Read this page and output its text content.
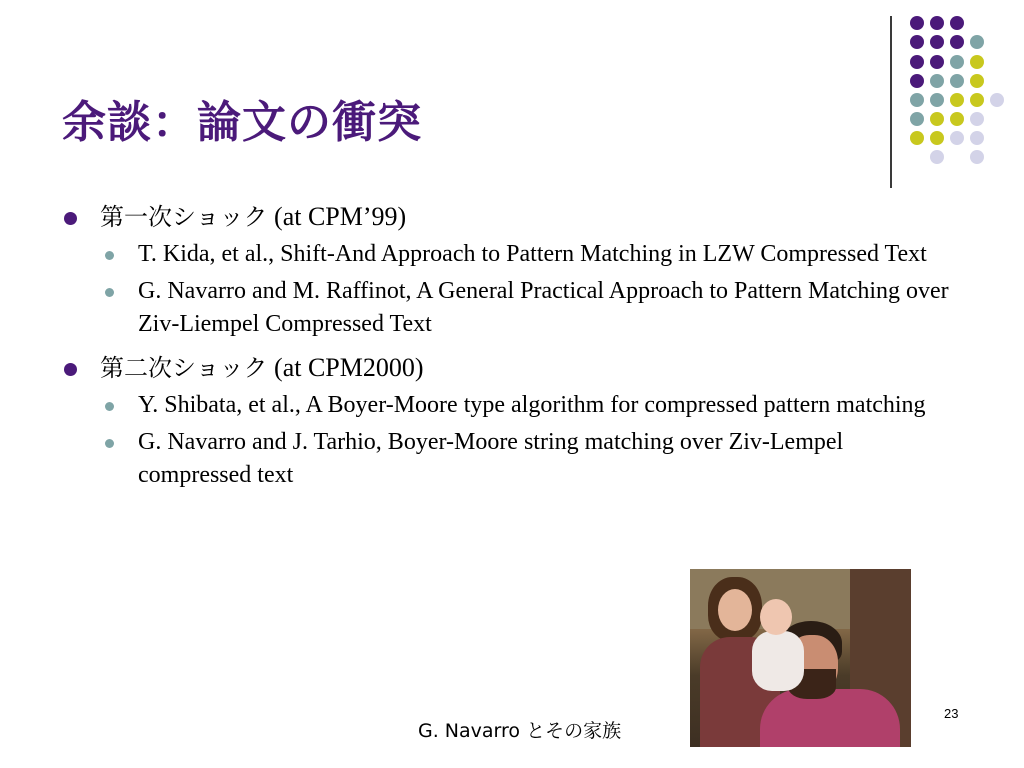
余談：論文の衝突
第一次ショック (at CPM’99)
T. Kida, et al., Shift-And Approach to Pattern Matching in LZW Compressed Text
G. Navarro and M. Raffinot, A General Practical Approach to Pattern Matching over Ziv-Liempel Compressed Text
第二次ショック (at CPM2000)
Y. Shibata, et al., A Boyer-Moore type algorithm for compressed pattern matching
G. Navarro and J. Tarhio, Boyer-Moore string matching over Ziv-Lempel compressed text
G. Navarro とその家族
23
